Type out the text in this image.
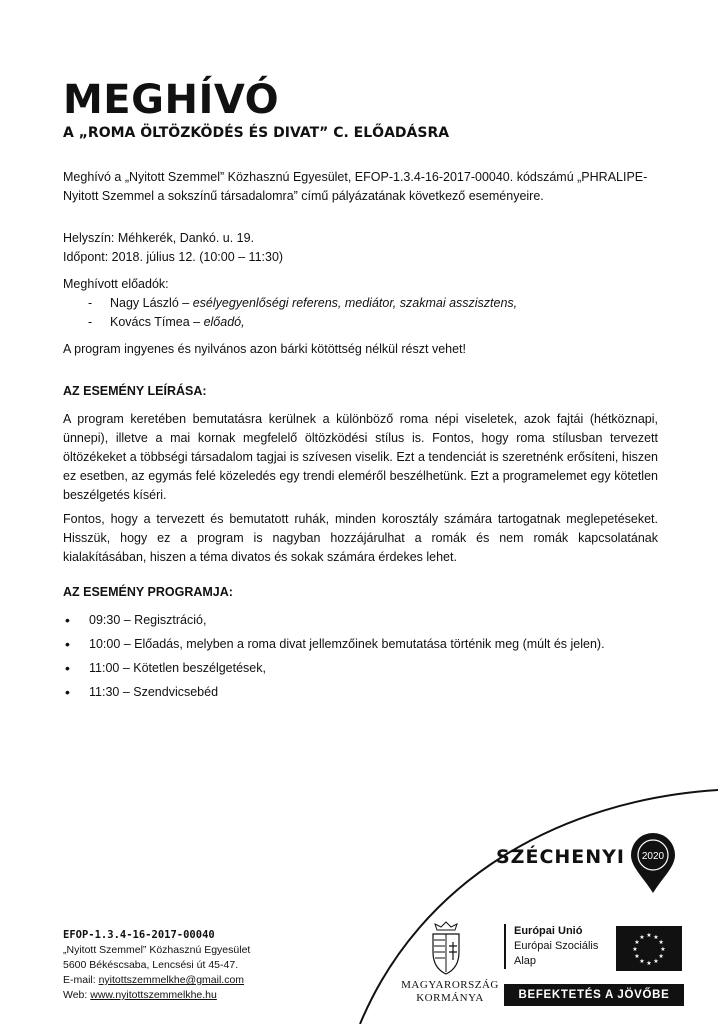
MEGHÍVÓ
A „ROMA ÖLTÖZKÖDÉS ÉS DIVAT” C. ELŐADÁSRA

Meghívó a „Nyitott Szemmel” Közhasznú Egyesület, EFOP-1.3.4-16-2017-00040. kódszámú „PHRALIPE-Nyitott Szemmel a sokszínű társadalomra” című pályázatának következő eseményeire.

Helyszín: Méhkerék, Dankó. u. 19.

Időpont: 2018. július 12. (10:00 – 11:30)

Meghívott előadók:

- Nagy László – esélyegyenlőségi referens, mediátor, szakmai asszisztens,
- Kovács Tímea – előadó,

A program ingyenes és nyilvános azon bárki kötöttség nélkül részt vehet!

AZ ESEMÉNY LEÍRÁSA:

A program keretében bemutatásra kerülnek a különböző roma népi viseletek, azok fajtái (hétköznapi, ünnepi), illetve a mai kornak megfelelő öltözködési stílus is. Fontos, hogy roma stílusban tervezett öltözékeket a többségi társadalom tagjai is szívesen viselik. Ezt a tendenciát is szeretnénk erősíteni, hiszen ez esetben, az egymás felé közeledés egy trendi eleméről beszélhetünk. Ezt a programelemet egy kötetlen beszélgetés kíséri.

Fontos, hogy a tervezett és bemutatott ruhák, minden korosztály számára tartogatnak meglepetéseket. Hisszük, hogy ez a program is nagyban hozzájárulhat a romák és nem romák kapcsolatának kialakításában, hiszen a téma divatos és sokak számára érdekes lehet.

AZ ESEMÉNY PROGRAMJA:
• 09:30 – Regisztráció,
• 10:00 – Előadás, melyben a roma divat jellemzőinek bemutatása történik meg (múlt és jelen).
• 11:00 – Kötetlen beszélgetések,
• 11:30 – Szendvicsebéd
SZÉCHENYI 2020
EFOP-1.3.4-16-2017-00040
„Nyitott Szemmel” Közhasznú Egyesület
5600 Békéscsaba, Lencsési út 45-47.
E-mail: nyitottszemmelkhe@gmail.com
Web: www.nyitottszemmelkhe.hu
MAGYARORSZÁG
KORMÁNYA
Európai Unió
Európai Szociális
Alap
★
★
★
★
★
★
★
★
★ ★ ★
★
BEFEKTETÉS A JÖVŐBE
